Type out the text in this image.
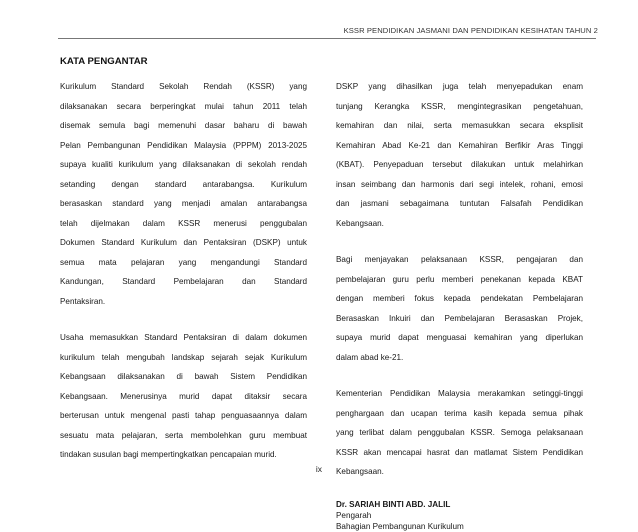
KSSR PENDIDIKAN JASMANI DAN PENDIDIKAN KESIHATAN TAHUN 2
KATA PENGANTAR

Kurikulum Standard Sekolah Rendah (KSSR) yang

dilaksanakan secara berperingkat mulai tahun 2011 telah

disemak semula bagi memenuhi dasar baharu di bawah

Pelan Pembangunan Pendidikan Malaysia (PPPM) 2013-2025

supaya kualiti kurikulum yang dilaksanakan di sekolah rendah

setanding dengan standard antarabangsa. Kurikulum

berasaskan standard yang menjadi amalan antarabangsa

telah dijelmakan dalam KSSR menerusi penggubalan

Dokumen Standard Kurikulum dan Pentaksiran (DSKP) untuk

semua mata pelajaran yang mengandungi Standard

Kandungan, Standard Pembelajaran dan Standard

Pentaksiran.

Usaha memasukkan Standard Pentaksiran di dalam dokumen

kurikulum telah mengubah landskap sejarah sejak Kurikulum

Kebangsaan dilaksanakan di bawah Sistem Pendidikan

Kebangsaan. Menerusinya murid dapat ditaksir secara

berterusan untuk mengenal pasti tahap penguasaannya dalam

sesuatu mata pelajaran, serta membolehkan guru membuat

tindakan susulan bagi mempertingkatkan pencapaian murid.

DSKP yang dihasilkan juga telah menyepadukan enam

tunjang Kerangka KSSR, mengintegrasikan pengetahuan,

kemahiran dan nilai, serta memasukkan secara eksplisit

Kemahiran Abad Ke-21 dan Kemahiran Berfikir Aras Tinggi

(KBAT). Penyepaduan tersebut dilakukan untuk melahirkan

insan seimbang dan harmonis dari segi intelek, rohani, emosi

dan jasmani sebagaimana tuntutan Falsafah Pendidikan

Kebangsaan.

Bagi menjayakan pelaksanaan KSSR, pengajaran dan

pembelajaran guru perlu memberi penekanan kepada KBAT

dengan memberi fokus kepada pendekatan Pembelajaran

Berasaskan Inkuiri dan Pembelajaran Berasaskan Projek,

supaya murid dapat menguasai kemahiran yang diperlukan

dalam abad ke-21.

Kementerian Pendidikan Malaysia merakamkan setinggi-tinggi

penghargaan dan ucapan terima kasih kepada semua pihak

yang terlibat dalam penggubalan KSSR. Semoga pelaksanaan

KSSR akan mencapai hasrat dan matlamat Sistem Pendidikan

Kebangsaan.

Dr. SARIAH BINTI ABD. JALIL
Pengarah
Bahagian Pembangunan Kurikulum
ix
